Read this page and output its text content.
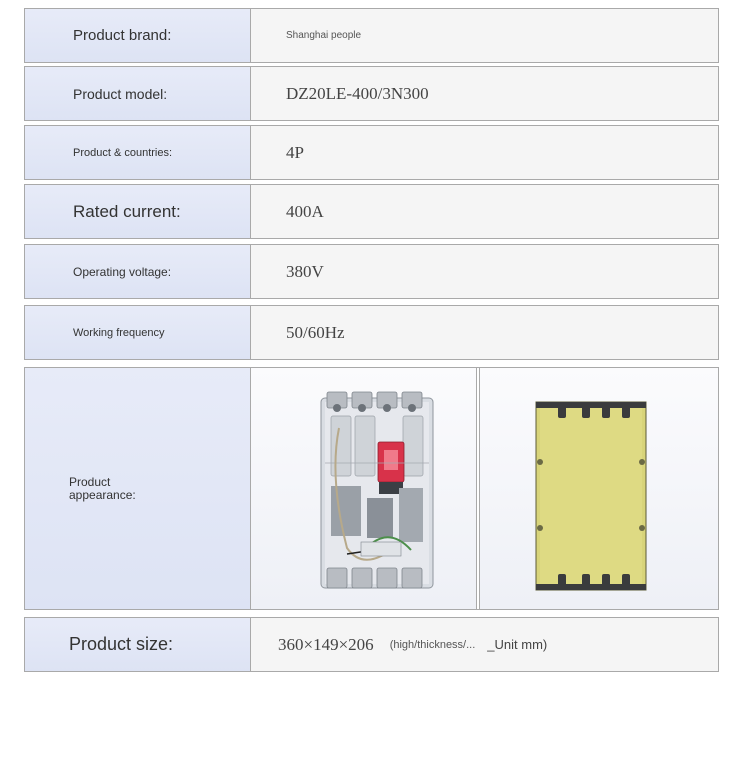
Product brand:	Shanghai people
Product model:	DZ20LE-400/3N300
Product & countries:	4P
Rated current:	400A
Operating voltage:	380V
Working frequency	50/60Hz
Product
appearance:
Product size:	360×149×206 (high/thickness/... _Unit mm)
